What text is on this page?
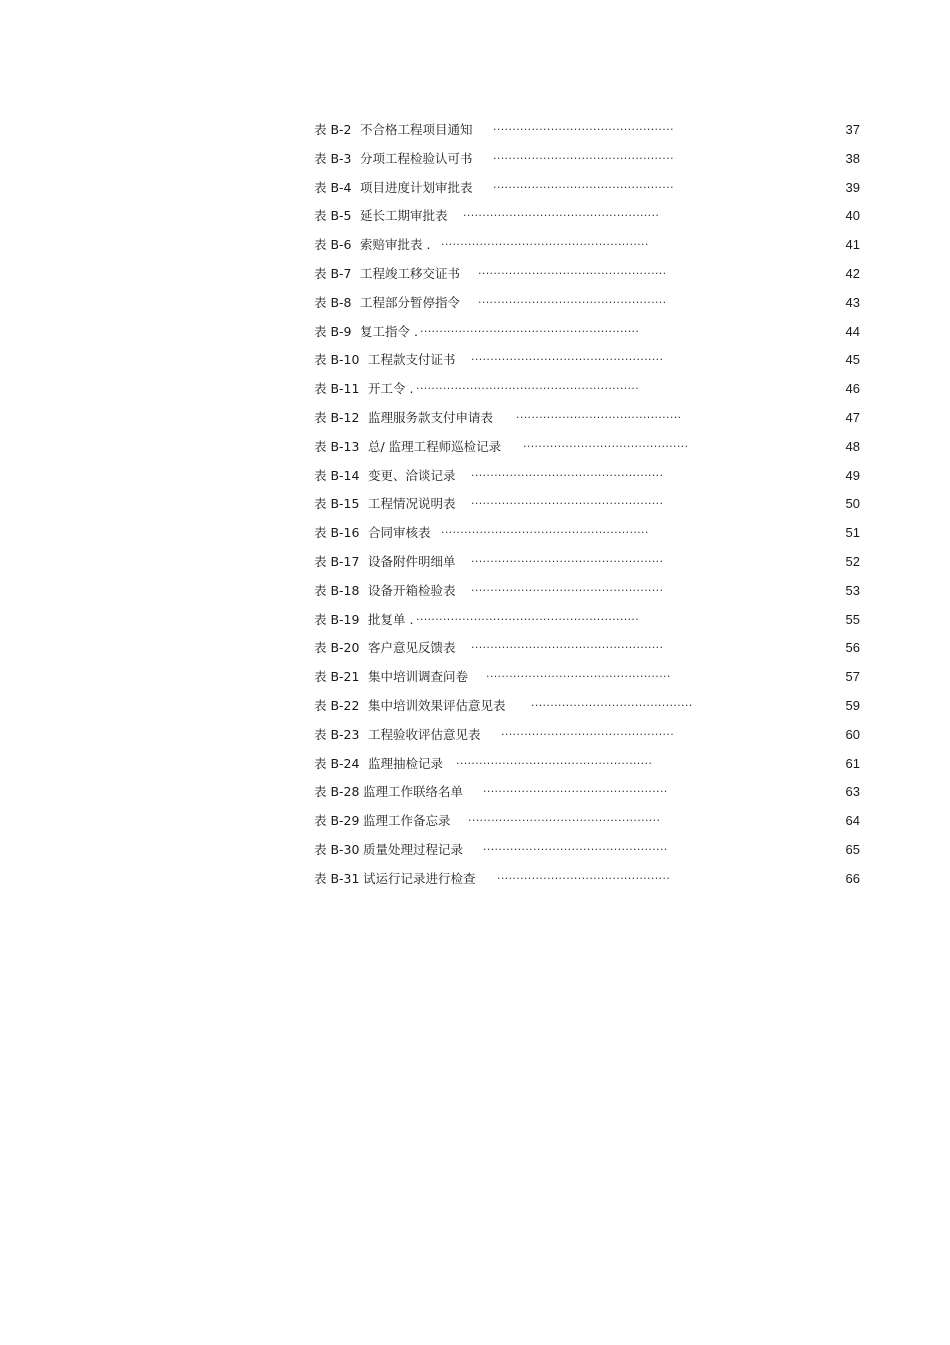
表 B-2 不合格工程项目通知 ...............................................	37
表 B-3 分项工程检验认可书 ...............................................	38
表 B-4 项目进度计划审批表 ...............................................	39
表 B-5 延长工期审批表 ...................................................	40
表 B-6 索赔审批表 . ......................................................	41
表 B-7 工程竣工移交证书 .................................................	42
表 B-8 工程部分暂停指令 .................................................	43
表 B-9 复工指令 . .........................................................	44
表 B-10 工程款支付证书 ..................................................	45
表 B-11 开工令 . ..........................................................	46
表 B-12 监理服务款支付申请表 ...........................................	47
表 B-13 总/ 监理工程师巡检记录 ...........................................	48
表 B-14 变更、洽谈记录 ..................................................	49
表 B-15 工程情况说明表 ..................................................	50
表 B-16 合同审核表 ......................................................	51
表 B-17 设备附件明细单 ..................................................	52
表 B-18 设备开箱检验表 ..................................................	53
表 B-19 批复单 . ..........................................................	55
表 B-20 客户意见反馈表 ..................................................	56
表 B-21 集中培训调查问卷 ................................................	57
表 B-22 集中培训效果评估意见表 ..........................................	59
表 B-23 工程验收评估意见表 .............................................	60
表 B-24 监理抽检记录 ...................................................	61
表 B-28 监理工作联络名单 ................................................	63
表 B-29 监理工作备忘录 ..................................................	64
表 B-30 质量处理过程记录 ................................................	65
表 B-31 试运行记录进行检查 .............................................	66
